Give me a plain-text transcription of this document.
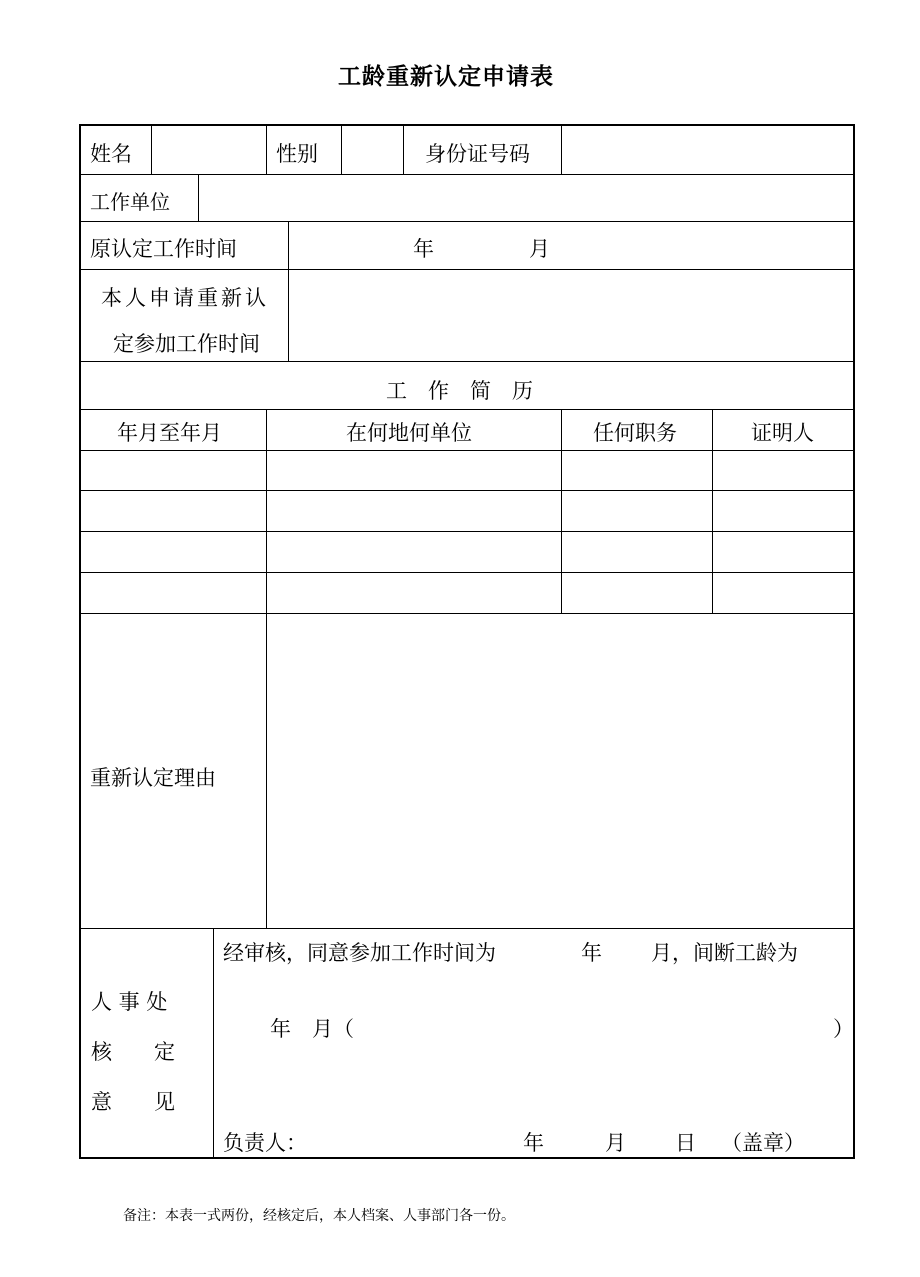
工龄重新认定申请表
姓名	性别	身份证号码
工作单位
原认定工作时间	年	月
本人申请重新认
定参加工作时间
工　作　简　历
年月至年月	在何地何单位	任何职务	证明人
重新认定理由
人 事 处
核　　定
意　　见
经审核，同意参加工作时间为	年 月，间断工龄为
年　月（	）
负责人：	年	月 日 （盖章）
备注：本表一式两份，经核定后，本人档案、人事部门各一份。
